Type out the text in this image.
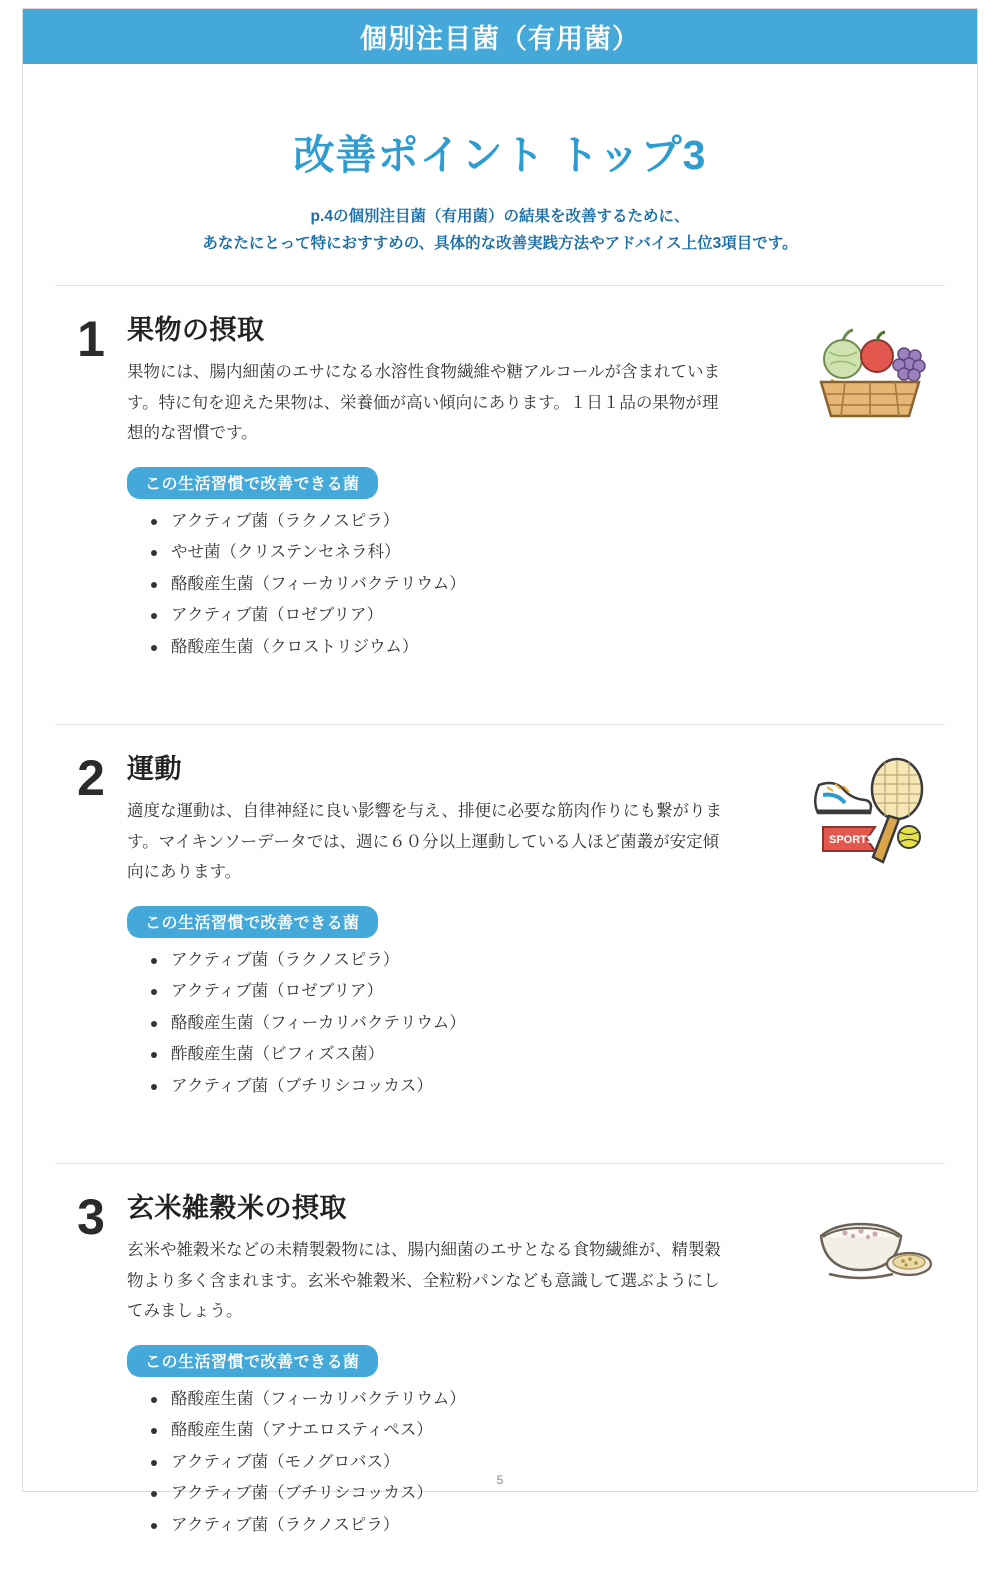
個別注目菌（有用菌）
改善ポイント トップ3
p.4の個別注目菌（有用菌）の結果を改善するために、
あなたにとって特におすすめの、具体的な改善実践方法やアドバイス上位3項目です。
1 果物の摂取

果物には、腸内細菌のエサになる水溶性食物繊維や糖アルコールが含まれています。特に旬を迎えた果物は、栄養価が高い傾向にあります。１日１品の果物が理想的な習慣です。

この生活習慣で改善できる菌
アクティブ菌（ラクノスピラ）
やせ菌（クリステンセネラ科）
酪酸産生菌（フィーカリバクテリウム）
アクティブ菌（ロゼブリア）
酪酸産生菌（クロストリジウム）
2 運動

適度な運動は、自律神経に良い影響を与え、排便に必要な筋肉作りにも繋がります。マイキンソーデータでは、週に６０分以上運動している人ほど菌叢が安定傾向にあります。

この生活習慣で改善できる菌
アクティブ菌（ラクノスピラ）
アクティブ菌（ロゼブリア）
酪酸産生菌（フィーカリバクテリウム）
酢酸産生菌（ビフィズス菌）
アクティブ菌（ブチリシコッカス）
SPORTS
3 玄米雑穀米の摂取

玄米や雑穀米などの未精製穀物には、腸内細菌のエサとなる食物繊維が、精製穀物より多く含まれます。玄米や雑穀米、全粒粉パンなども意識して選ぶようにしてみましょう。

この生活習慣で改善できる菌
酪酸産生菌（フィーカリバクテリウム）
酪酸産生菌（アナエロスティペス）
アクティブ菌（モノグロバス）
アクティブ菌（ブチリシコッカス）
アクティブ菌（ラクノスピラ）
5
